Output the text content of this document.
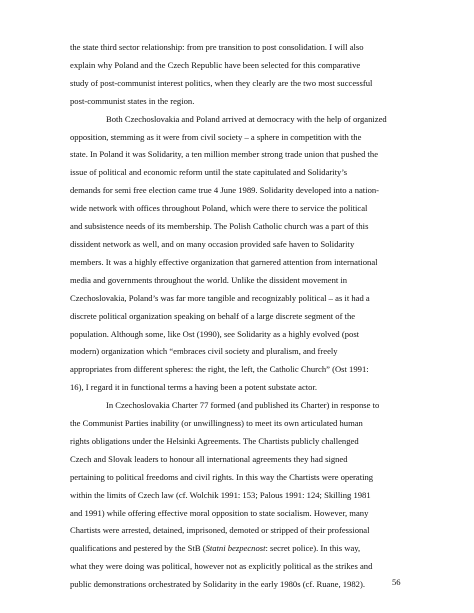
the state third sector relationship: from pre transition to post consolidation. I will also
explain why Poland and the Czech Republic have been selected for this comparative
study of post-communist interest politics, when they clearly are the two most successful
post-communist states in the region.

Both Czechoslovakia and Poland arrived at democracy with the help of organized
opposition, stemming as it were from civil society – a sphere in competition with the
state. In Poland it was Solidarity, a ten million member strong trade union that pushed the
issue of political and economic reform until the state capitulated and Solidarity’s
demands for semi free election came true 4 June 1989. Solidarity developed into a nation-
wide network with offices throughout Poland, which were there to service the political
and subsistence needs of its membership. The Polish Catholic church was a part of this
dissident network as well, and on many occasion provided safe haven to Solidarity
members. It was a highly effective organization that garnered attention from international
media and governments throughout the world. Unlike the dissident movement in
Czechoslovakia, Poland’s was far more tangible and recognizably political – as it had a
discrete political organization speaking on behalf of a large discrete segment of the
population. Although some, like Ost (1990), see Solidarity as a highly evolved (post
modern) organization which “embraces civil society and pluralism, and freely
appropriates from different spheres: the right, the left, the Catholic Church” (Ost 1991:
16), I regard it in functional terms a having been a potent substate actor.

In Czechoslovakia Charter 77 formed (and published its Charter) in response to
the Communist Parties inability (or unwillingness) to meet its own articulated human
rights obligations under the Helsinki Agreements. The Chartists publicly challenged
Czech and Slovak leaders to honour all international agreements they had signed
pertaining to political freedoms and civil rights. In this way the Chartists were operating
within the limits of Czech law (cf. Wolchik 1991: 153; Palous 1991: 124; Skilling 1981
and 1991) while offering effective moral opposition to state socialism. However, many
Chartists were arrested, detained, imprisoned, demoted or stripped of their professional
qualifications and pestered by the StB (Statni bezpecnost: secret police). In this way,
what they were doing was political, however not as explicitly political as the strikes and
public demonstrations orchestrated by Solidarity in the early 1980s (cf. Ruane, 1982).	56
